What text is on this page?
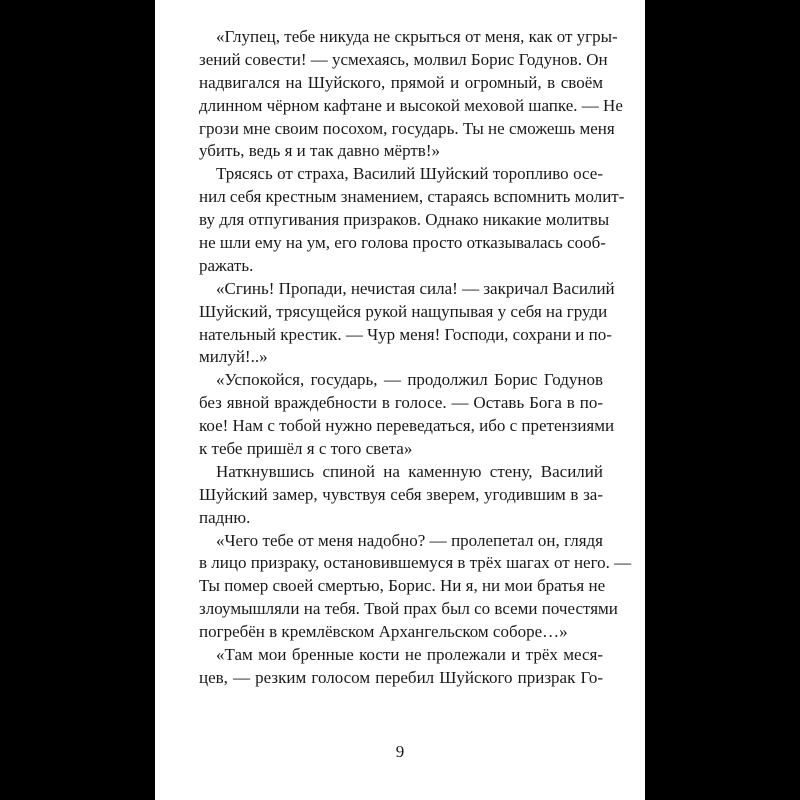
«Глупец, тебе никуда не скрыться от меня, как от угры-
зений совести! — усмехаясь, молвил Борис Годунов. Он
надвигался на Шуйского, прямой и огромный, в своём
длинном чёрном кафтане и высокой меховой шапке. — Не
грози мне своим посохом, государь. Ты не сможешь меня
убить, ведь я и так давно мёртв!»
Трясясь от страха, Василий Шуйский торопливо осе-
нил себя крестным знамением, стараясь вспомнить молит-
ву для отпугивания призраков. Однако никакие молитвы
не шли ему на ум, его голова просто отказывалась сооб-
ражать.
«Сгинь! Пропади, нечистая сила! — закричал Василий
Шуйский, трясущейся рукой нащупывая у себя на груди
нательный крестик. — Чур меня! Господи, сохрани и по-
милуй!..»
«Успокойся, государь, — продолжил Борис Годунов
без явной враждебности в голосе. — Оставь Бога в по-
кое! Нам с тобой нужно переведаться, ибо с претензиями
к тебе пришёл я с того света»
Наткнувшись спиной на каменную стену, Василий
Шуйский замер, чувствуя себя зверем, угодившим в за-
падню.
«Чего тебе от меня надобно? — пролепетал он, глядя
в лицо призраку, остановившемуся в трёх шагах от него. —
Ты помер своей смертью, Борис. Ни я, ни мои братья не
злоумышляли на тебя. Твой прах был со всеми почестями
погребён в кремлёвском Архангельском соборе…»
«Там мои бренные кости не пролежали и трёх меся-
цев, — резким голосом перебил Шуйского призрак Го-
9
